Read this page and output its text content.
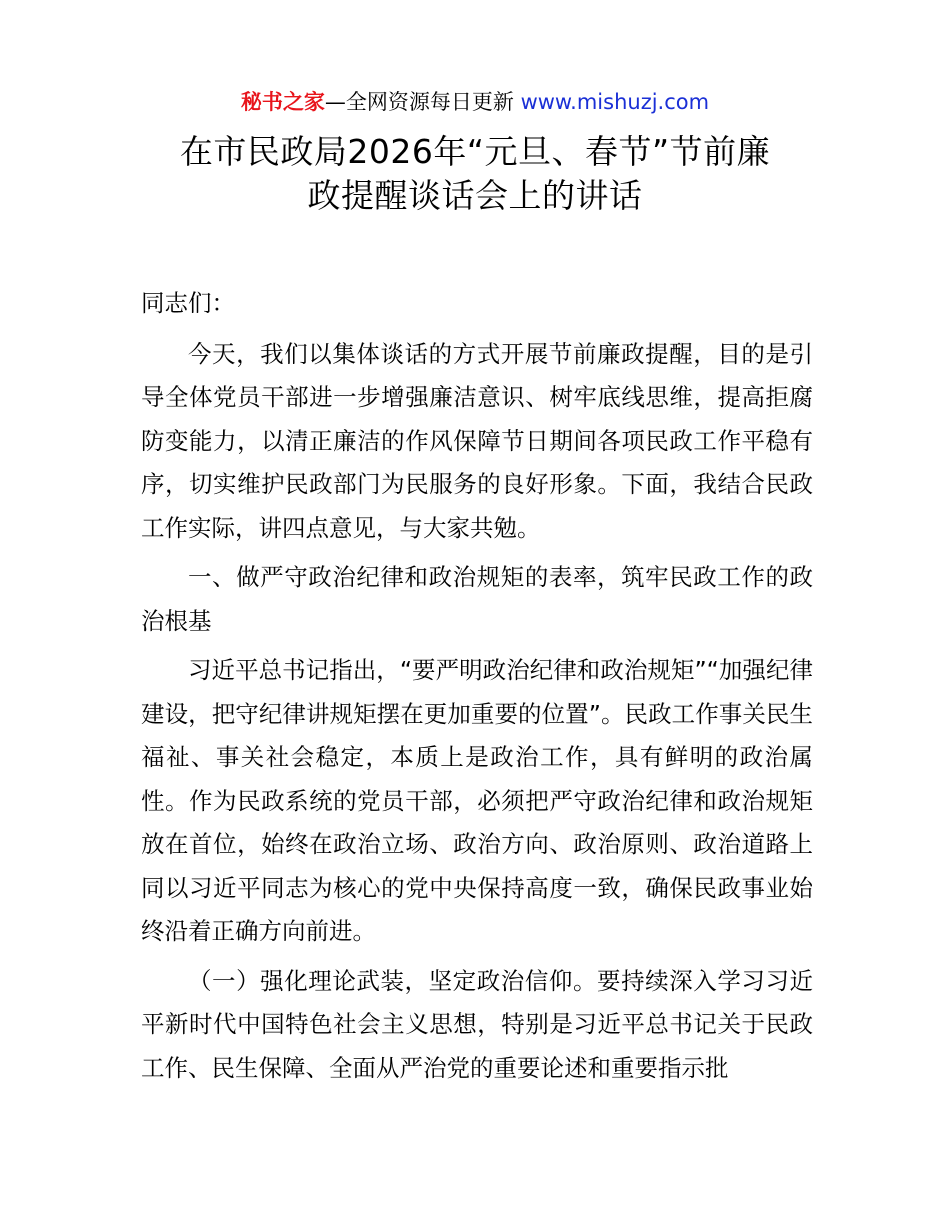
秘书之家—全网资源每日更新 www.mishuzj.com
在市民政局2026年“元旦、春节”节前廉
政提醒谈话会上的讲话

同志们：

今天，我们以集体谈话的方式开展节前廉政提醒，目的是引导全体党员干部进一步增强廉洁意识、树牢底线思维，提高拒腐防变能力，以清正廉洁的作风保障节日期间各项民政工作平稳有序，切实维护民政部门为民服务的良好形象。下面，我结合民政工作实际，讲四点意见，与大家共勉。

一、做严守政治纪律和政治规矩的表率，筑牢民政工作的政治根基

习近平总书记指出，“要严明政治纪律和政治规矩”“加强纪律建设，把守纪律讲规矩摆在更加重要的位置”。民政工作事关民生福祉、事关社会稳定，本质上是政治工作，具有鲜明的政治属性。作为民政系统的党员干部，必须把严守政治纪律和政治规矩放在首位，始终在政治立场、政治方向、政治原则、政治道路上同以习近平同志为核心的党中央保持高度一致，确保民政事业始终沿着正确方向前进。

（一）强化理论武装，坚定政治信仰。要持续深入学习习近平新时代中国特色社会主义思想，特别是习近平总书记关于民政工作、民生保障、全面从严治党的重要论述和重要指示批
